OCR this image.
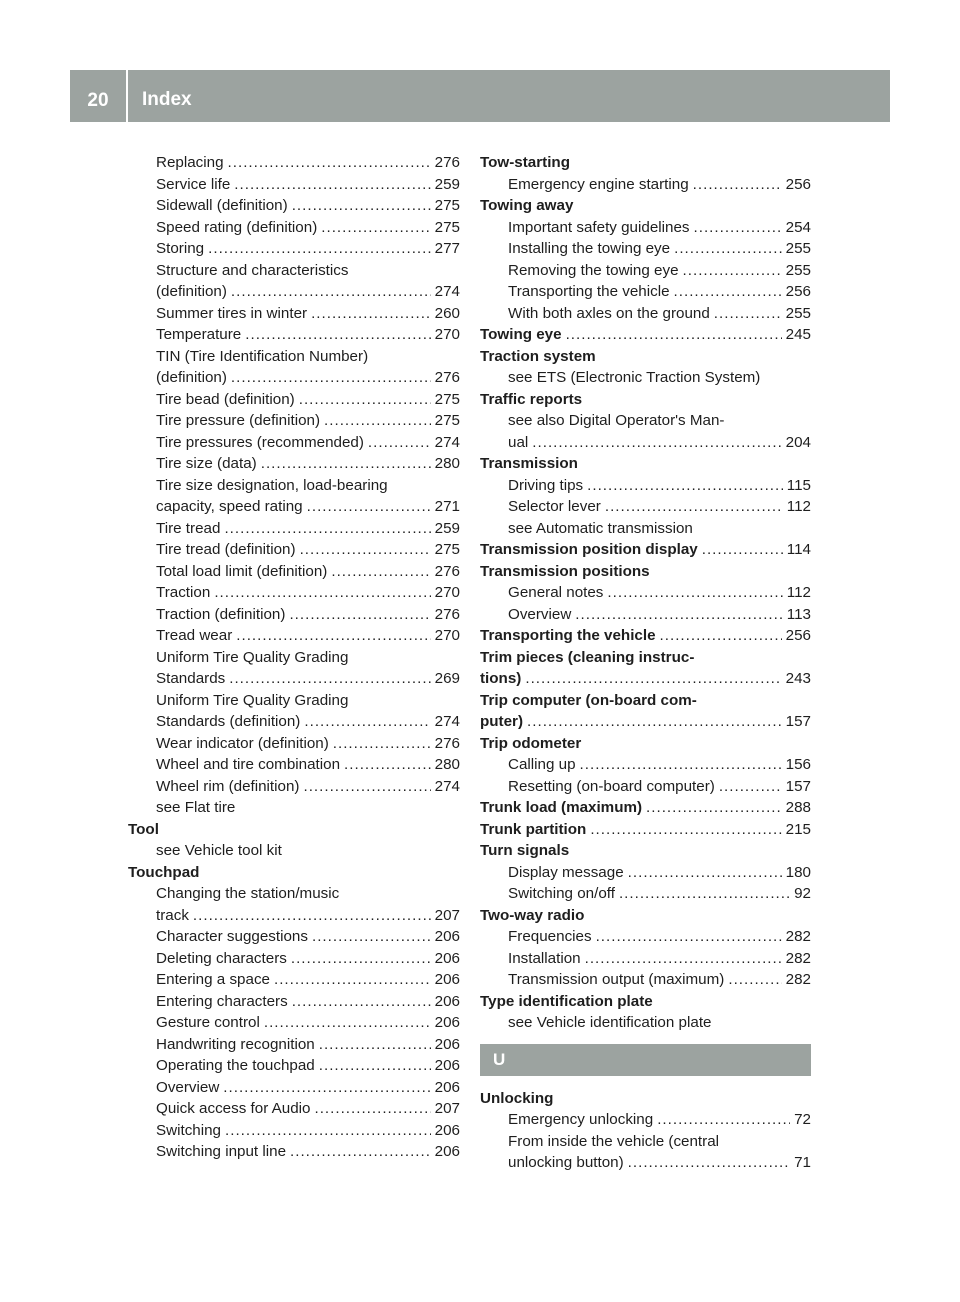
20	Index
Replacing .....	276
Service life .....	259
Sidewall (definition) .....	275
Speed rating (definition) .....	275
Storing .....	277
Structure and characteristics
(definition) .....	274
Summer tires in winter .....	260
Temperature .....	270
TIN (Tire Identification Number)
(definition) .....	276
Tire bead (definition) .....	275
Tire pressure (definition) .....	275
Tire pressures (recommended) .....	274
Tire size (data) .....	280
Tire size designation, load-bearing
capacity, speed rating .....	271
Tire tread .....	259
Tire tread (definition) .....	275
Total load limit (definition) .....	276
Traction .....	270
Traction (definition) .....	276
Tread wear .....	270
Uniform Tire Quality Grading
Standards .....	269
Uniform Tire Quality Grading
Standards (definition) .....	274
Wear indicator (definition) .....	276
Wheel and tire combination .....	280
Wheel rim (definition) .....	274
see Flat tire
Tool
see Vehicle tool kit
Touchpad
Changing the station/music
track .....	207
Character suggestions .....	206
Deleting characters .....	206
Entering a space .....	206
Entering characters .....	206
Gesture control .....	206
Handwriting recognition .....	206
Operating the touchpad .....	206
Overview .....	206
Quick access for Audio .....	207
Switching .....	206
Switching input line .....	206
Tow-starting
Emergency engine starting .....	256
Towing away
Important safety guidelines .....	254
Installing the towing eye .....	255
Removing the towing eye .....	255
Transporting the vehicle .....	256
With both axles on the ground .....	255
Towing eye .....	245
Traction system
see ETS (Electronic Traction System)
Traffic reports
see also Digital Operator's Man-
ual .....	204
Transmission
Driving tips .....	115
Selector lever .....	112
see Automatic transmission
Transmission position display .....	114
Transmission positions
General notes .....	112
Overview .....	113
Transporting the vehicle .....	256
Trim pieces (cleaning instruc-
tions) .....	243
Trip computer (on-board com-
puter) .....	157
Trip odometer
Calling up .....	156
Resetting (on-board computer) .....	157
Trunk load (maximum) .....	288
Trunk partition .....	215
Turn signals
Display message .....	180
Switching on/off .....	92
Two-way radio
Frequencies .....	282
Installation .....	282
Transmission output (maximum) .....	282
Type identification plate
see Vehicle identification plate
U
Unlocking
Emergency unlocking .....	72
From inside the vehicle (central
unlocking button) .....	71
